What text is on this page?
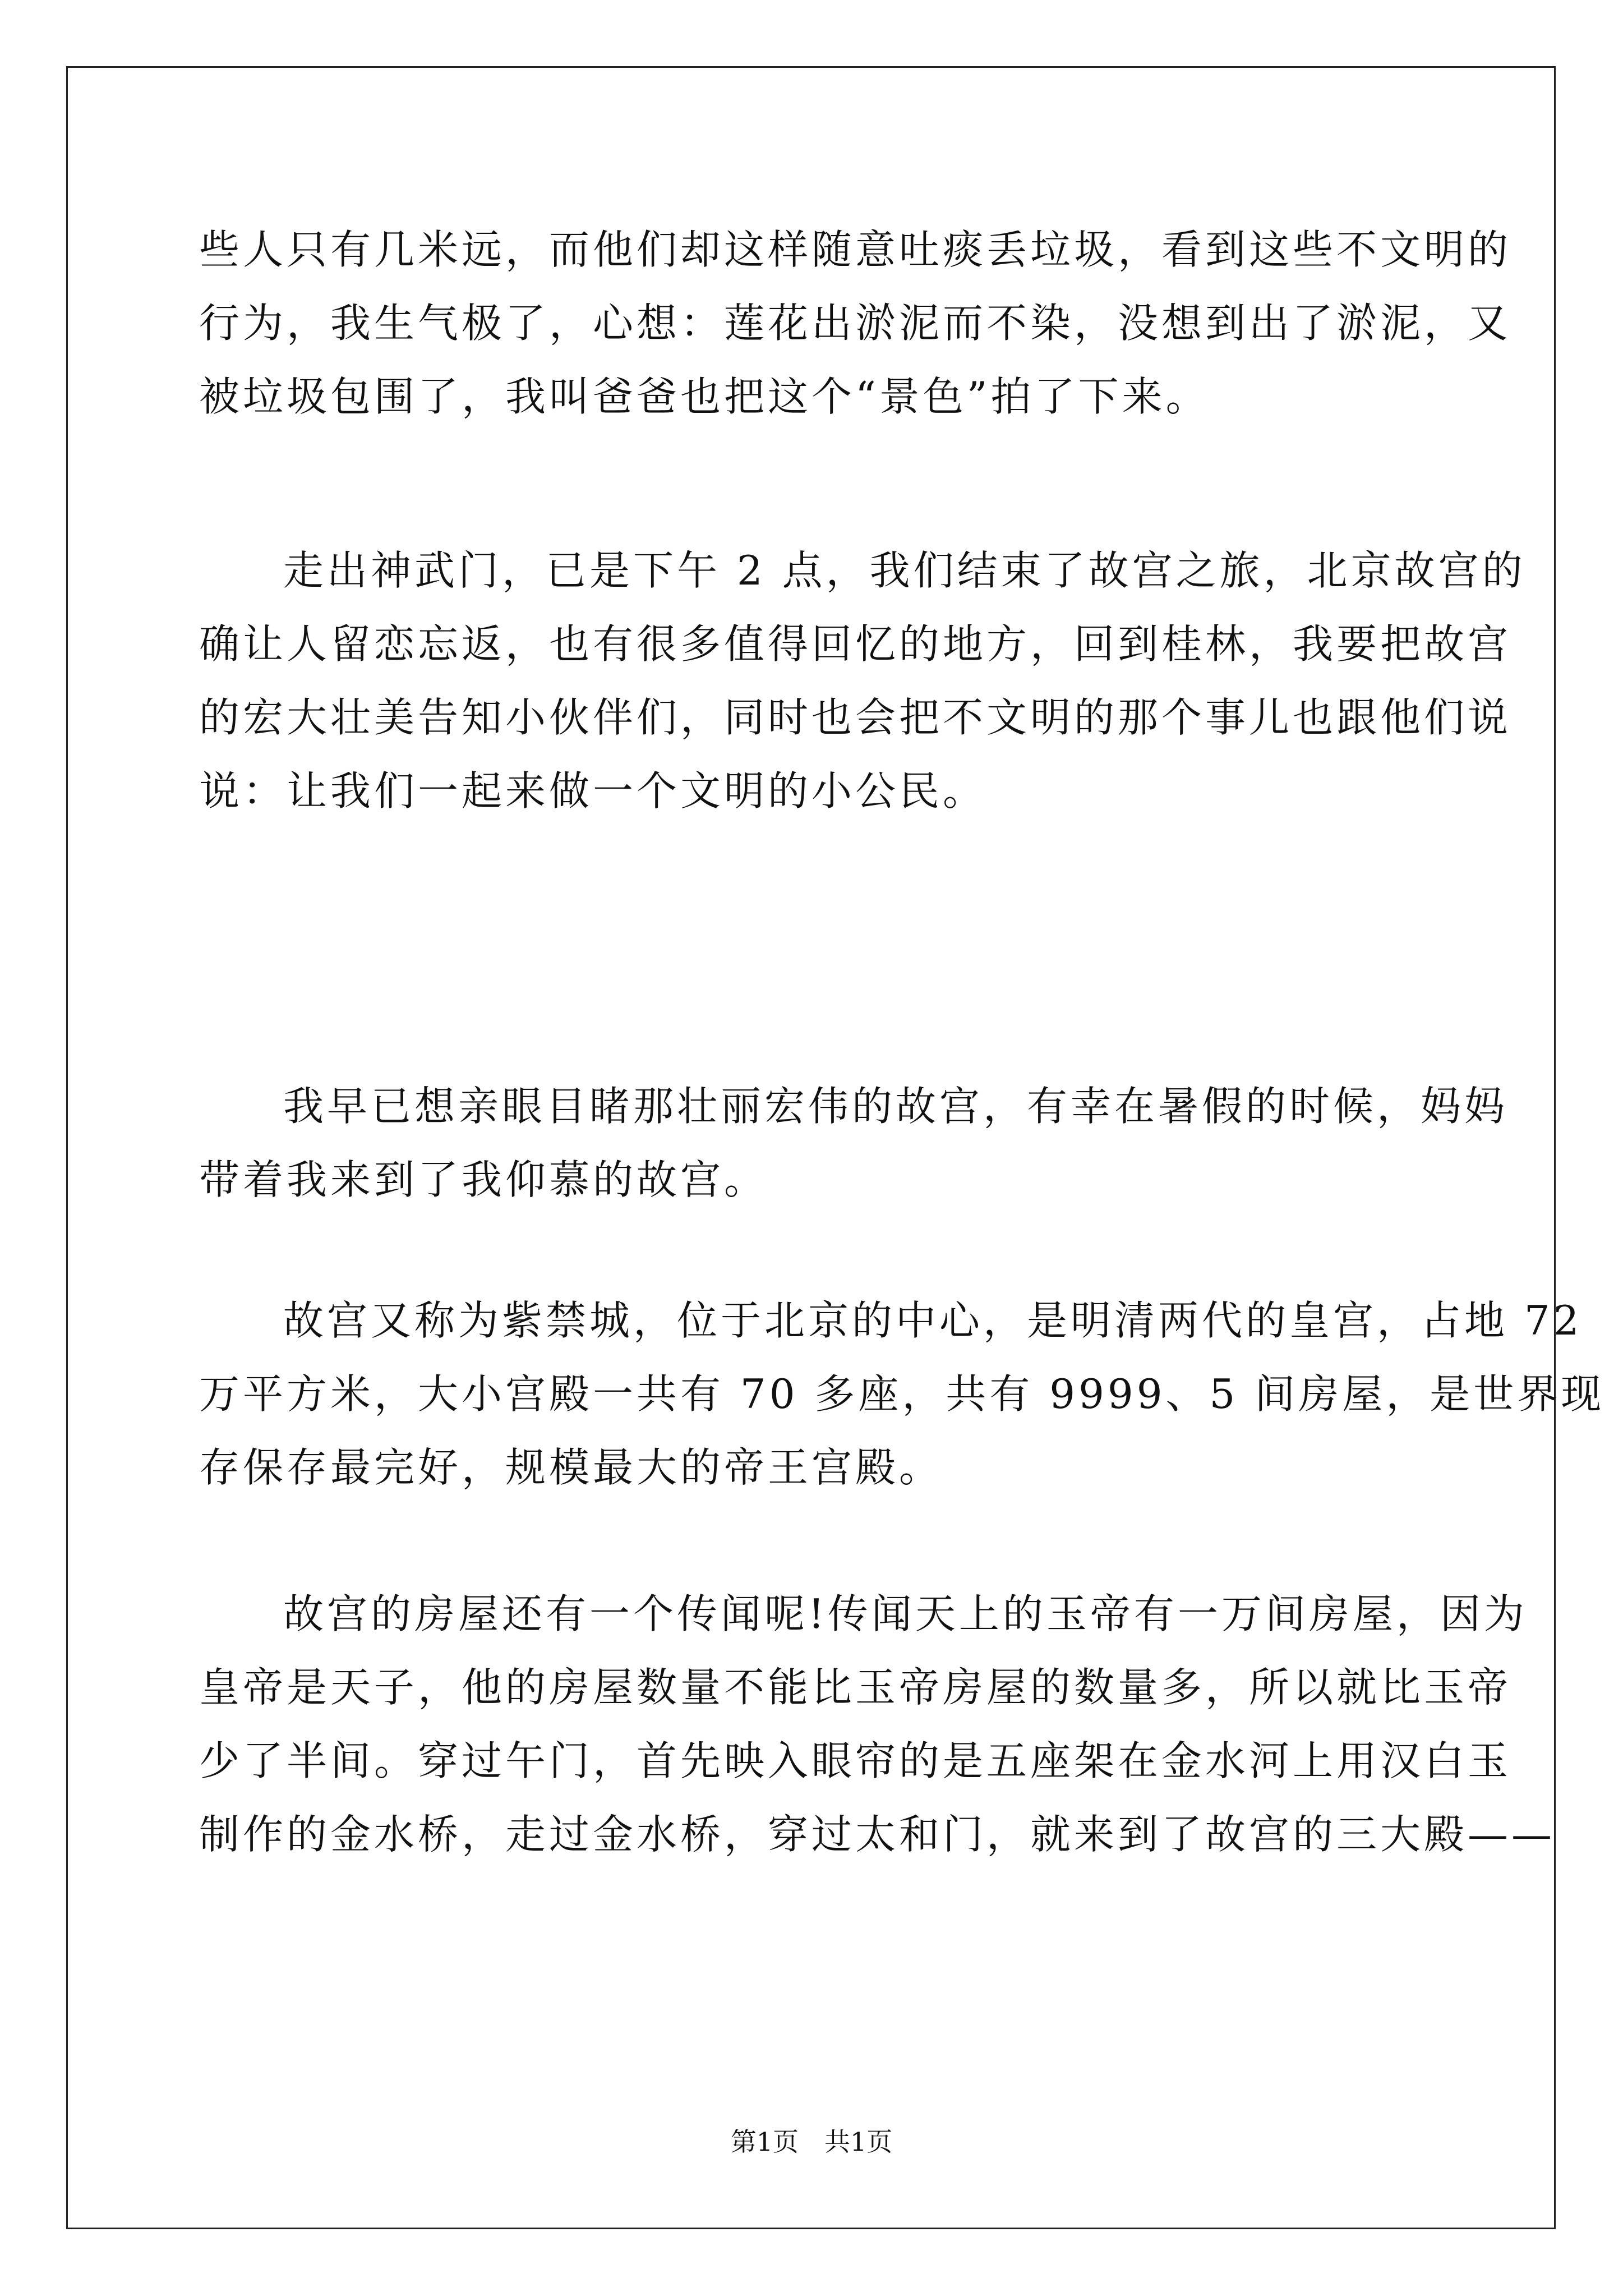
些人只有几米远，而他们却这样随意吐痰丢垃圾，看到这些不文明的
行为，我生气极了，心想：莲花出淤泥而不染，没想到出了淤泥，又
被垃圾包围了，我叫爸爸也把这个“景色”拍了下来。
走出神武门，已是下午 2 点，我们结束了故宫之旅，北京故宫的
确让人留恋忘返，也有很多值得回忆的地方，回到桂林，我要把故宫
的宏大壮美告知小伙伴们，同时也会把不文明的那个事儿也跟他们说
说：让我们一起来做一个文明的小公民。
我早已想亲眼目睹那壮丽宏伟的故宫，有幸在暑假的时候，妈妈
带着我来到了我仰慕的故宫。
故宫又称为紫禁城，位于北京的中心，是明清两代的皇宫，占地 72
万平方米，大小宫殿一共有 70 多座，共有 9999、5 间房屋，是世界现
存保存最完好，规模最大的帝王宫殿。
故宫的房屋还有一个传闻呢!传闻天上的玉帝有一万间房屋，因为
皇帝是天子，他的房屋数量不能比玉帝房屋的数量多，所以就比玉帝
少了半间。穿过午门，首先映入眼帘的是五座架在金水河上用汉白玉
制作的金水桥，走过金水桥，穿过太和门，就来到了故宫的三大殿——
第1页　共1页
